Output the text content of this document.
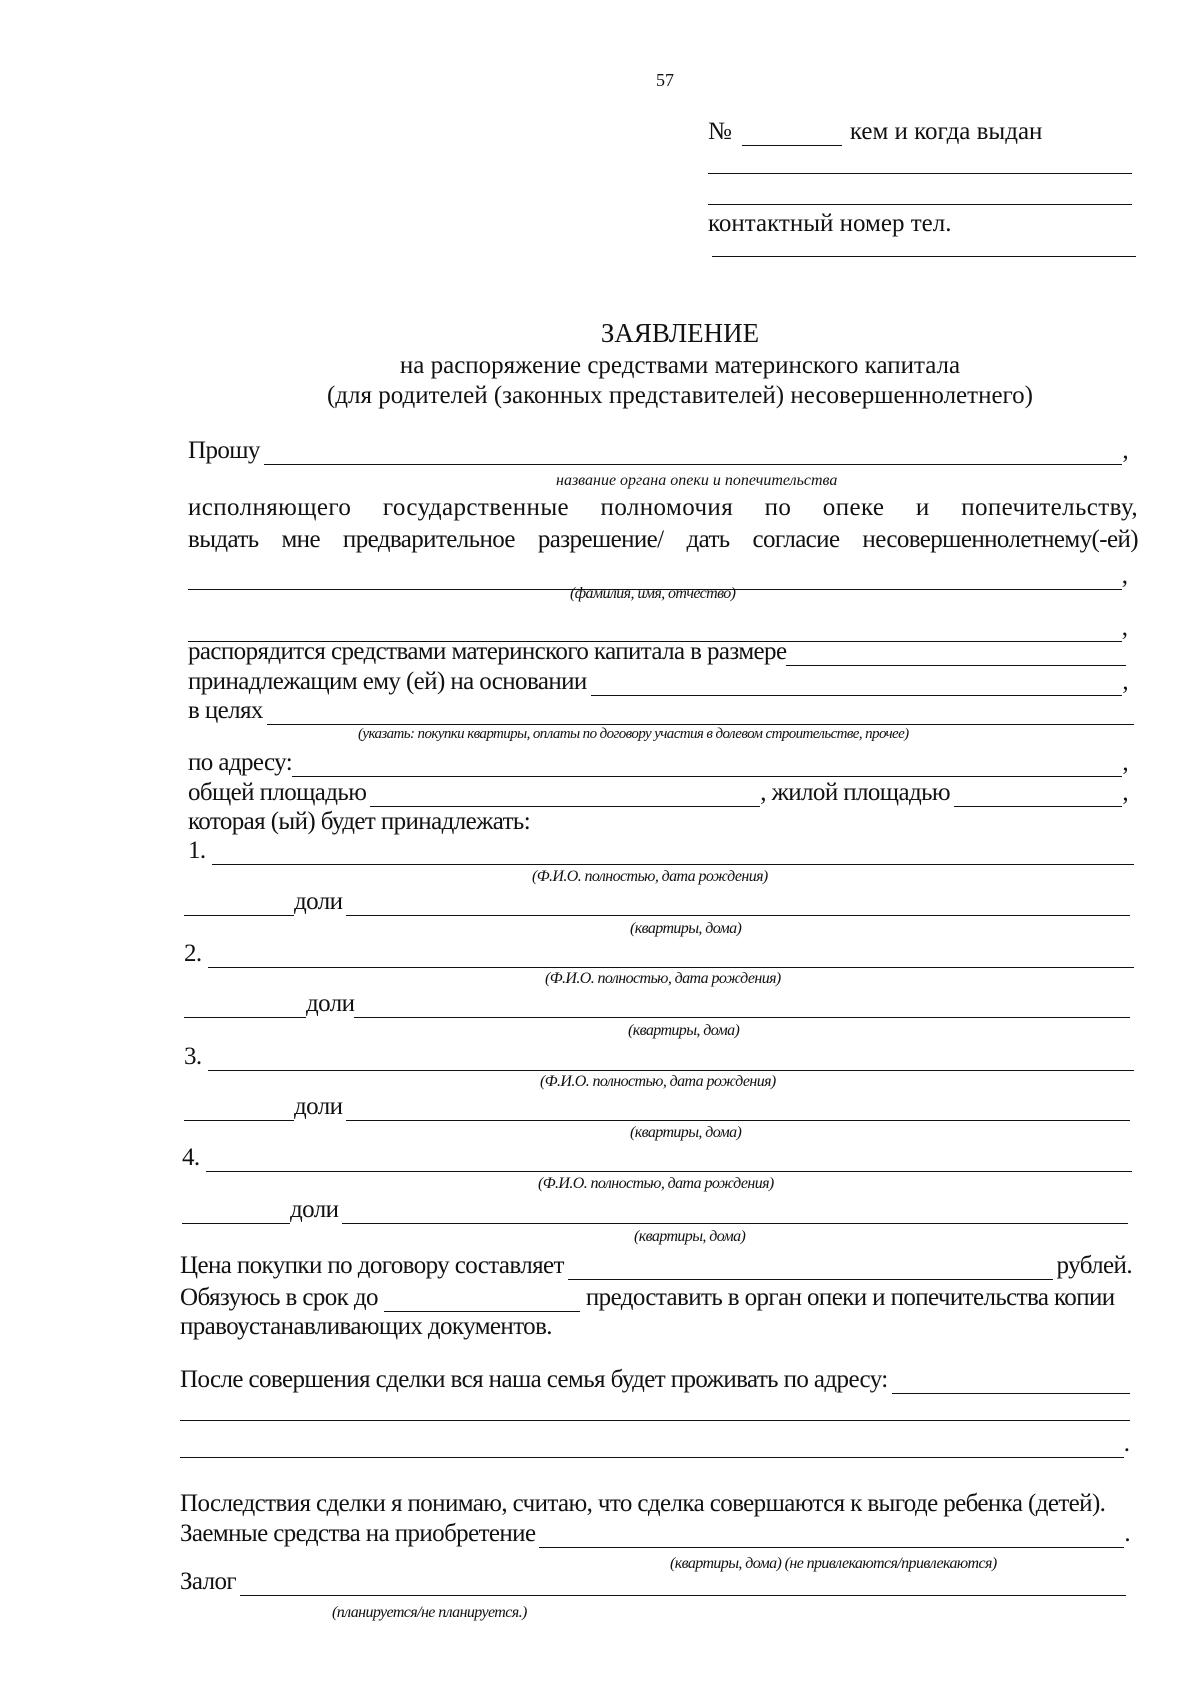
57
№	кем и когда выдан
контактный номер тел.
ЗАЯВЛЕНИЕ
на распоряжение средствами материнского капитала
(для родителей (законных представителей) несовершеннолетнего)
Прошу	,
название органа опеки и попечительства
исполняющего государственные полномочия по опеке и попечительству,
выдать мне предварительное разрешение/ дать согласие несовершеннолетнему(-ей)
,
(фамилия, имя, отчество)
,
распорядится средствами материнского капитала в размере
принадлежащим ему (ей) на основании	,
в целях
(указать: покупки квартиры, оплаты по договору участия в долевом строительстве, прочее)
по адресу:	,
общей площадью	, жилой площадью	,
которая (ый) будет принадлежать:
1.
(Ф.И.О. полностью, дата рождения)
доли
(квартиры, дома)
2.
(Ф.И.О. полностью, дата рождения)
доли
(квартиры, дома)
3.
(Ф.И.О. полностью, дата рождения)
доли
(квартиры, дома)
4.
(Ф.И.О. полностью, дата рождения)
доли
(квартиры, дома)
Цена покупки по договору составляет	рублей.
Обязуюсь в срок до	предоставить в орган опеки и попечительства копии
правоустанавливающих документов.
После совершения сделки вся наша семья будет проживать по адресу:
.
Последствия сделки я понимаю, считаю, что сделка совершаются к выгоде ребенка (детей).
Заемные средства на приобретение	.
(квартиры, дома) (не привлекаются/привлекаются)
Залог
(планируется/не планируется.)
